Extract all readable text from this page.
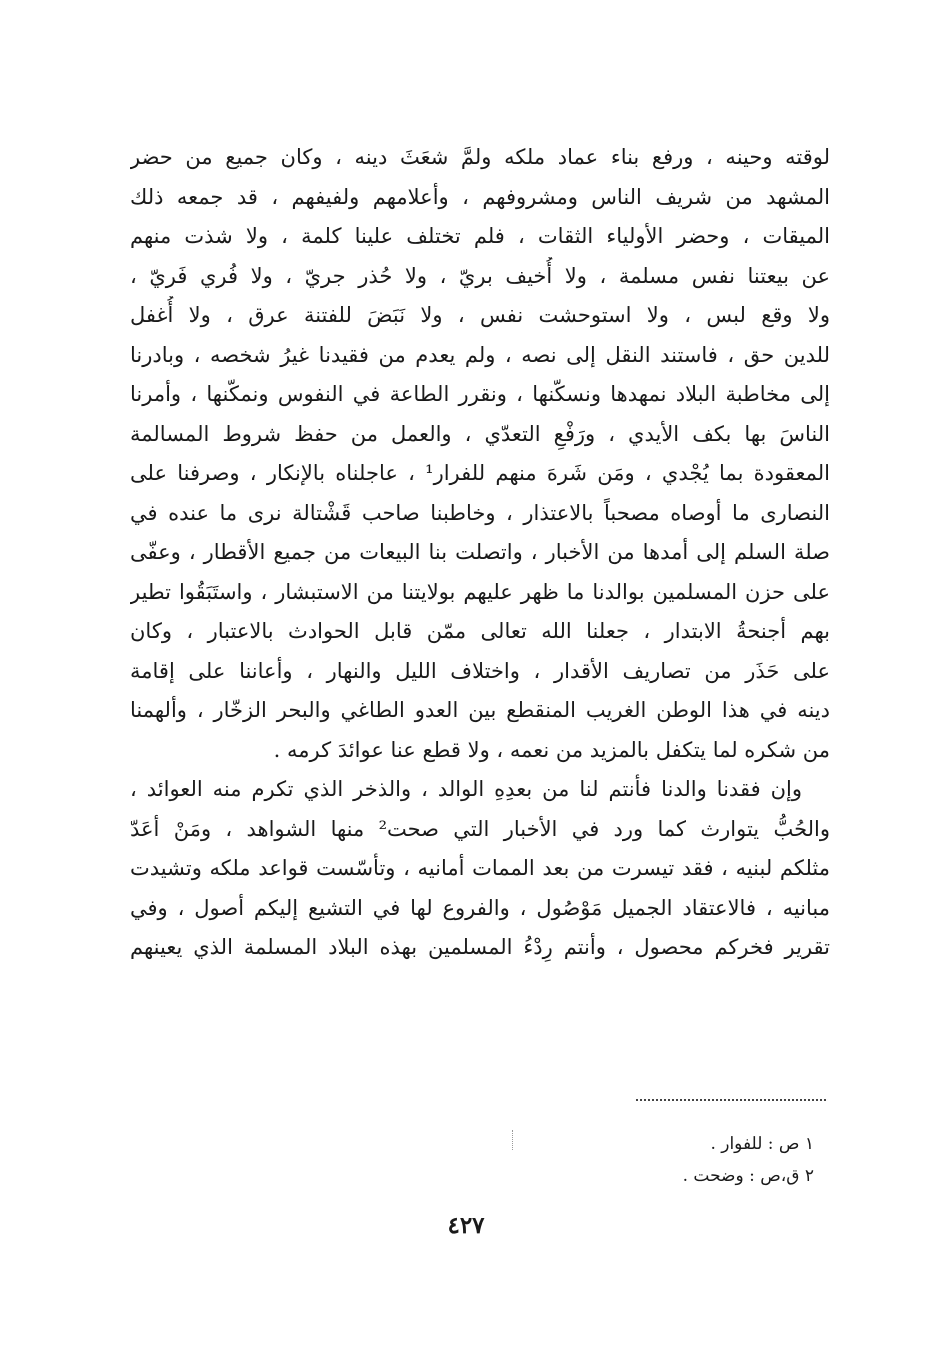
لوقته وحينه ، ورفع بناء عماد ملكه ولمَّ شعَثَ دينه ، وكان جميع من حضر
المشهد من شريف الناس ومشروفهم ، وأعلامهم ولفيفهم ، قد جمعه ذلك
الميقات ، وحضر الأولياء الثقات ، فلم تختلف علينا كلمة ، ولا شذت منهم
عن بيعتنا نفس مسلمة ، ولا أُخيف بريّ ، ولا حُذر جريّ ، ولا فُري فَريّ ،
ولا وقع لبس ، ولا استوحشت نفس ، ولا نَبَضَ للفتنة عرق ، ولا أُغفل
للدين حق ، فاستند النقل إلى نصه ، ولم يعدم من فقيدنا غيرُ شخصه ، وبادرنا
إلى مخاطبة البلاد نمهدها ونسكّنها ، ونقرر الطاعة في النفوس ونمكّنها ، وأمرنا
الناسَ بها بكف الأيدي ، ورَفْعِ التعدّي ، والعمل من حفظ شروط المسالمة
المعقودة بما يُجْدي ، ومَن شَرهَ منهم للفرار¹ ، عاجلناه بالإنكار ، وصرفنا على
النصارى ما أوصاه مصحباً بالاعتذار ، وخاطبنا صاحب قَشْتالة نرى ما عنده في
صلة السلم إلى أمدها من الأخبار ، واتصلت بنا البيعات من جميع الأقطار ، وعفّى
على حزن المسلمين بوالدنا ما ظهر عليهم بولايتنا من الاستبشار ، واستَبَقُوا تطير
بهم أجنحةُ الابتدار ، جعلنا الله تعالى ممّن قابل الحوادث بالاعتبار ، وكان
على حَذَر من تصاريف الأقدار ، واختلاف الليل والنهار ، وأعاننا على إقامة
دينه في هذا الوطن الغريب المنقطع بين العدو الطاغي والبحر الزخّار ، وألهمنا
من شكره لما يتكفل بالمزيد من نعمه ، ولا قطع عنا عوائدَ كرمه .
وإن فقدنا والدنا فأنتم لنا من بعدِهِ الوالد ، والذخر الذي تكرم منه العوائد ،
والحُبُّ يتوارث كما ورد في الأخبار التي صحت² منها الشواهد ، ومَنْ أعَدّ
مثلكم لبنيه ، فقد تيسرت من بعد الممات أمانيه ، وتأسّست قواعد ملكه وتشيدت
مبانيه ، فالاعتقاد الجميل مَوْصُول ، والفروع لها في التشيع إليكم أصول ، وفي
تقرير فخركم محصول ، وأنتم رِدْءُ المسلمين بهذه البلاد المسلمة الذي يعينهم
١ ص : للفوار .
٢ ق،ص : وضحت .
٤٢٧
